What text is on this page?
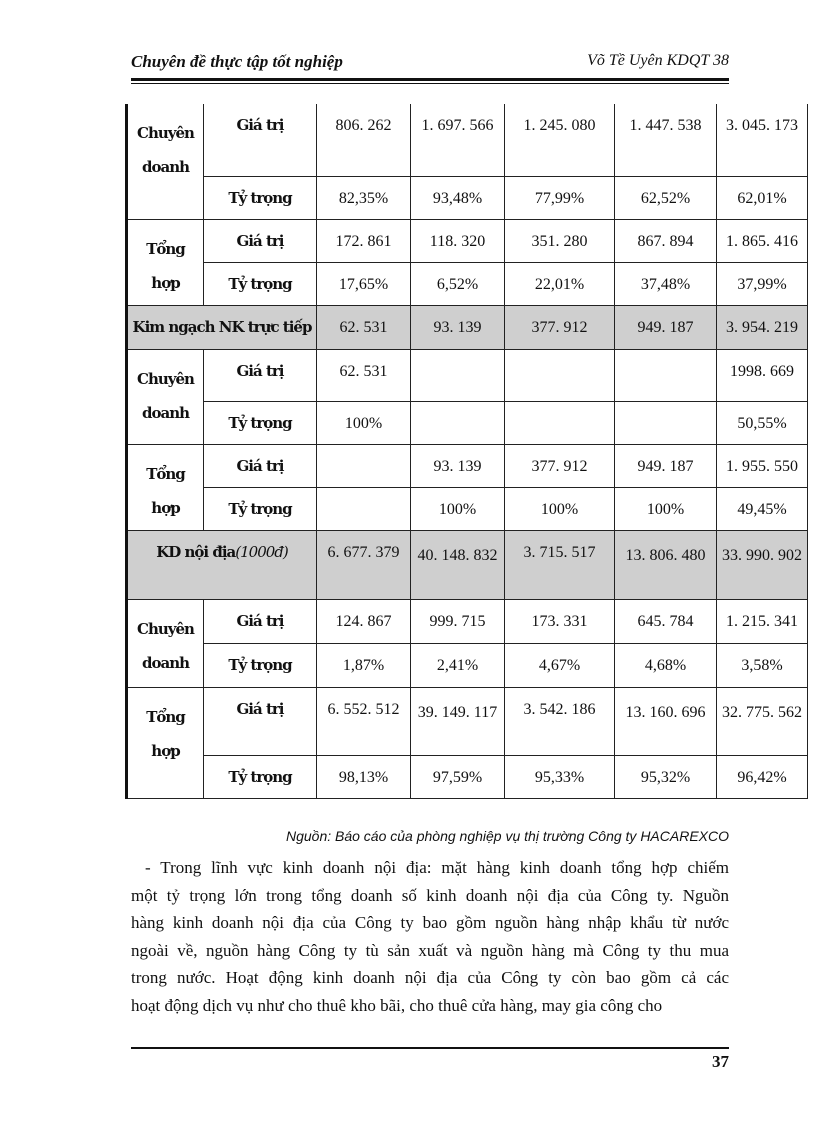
Chuyên đề thực tập tốt nghiệp	Võ Tề Uyên KDQT 38
Chuyên doanh	Giá trị	806. 262	1. 697. 566	1. 245. 080	1. 447. 538	3. 045. 173
	Tỷ trọng	82,35%	93,48%	77,99%	62,52%	62,01%
Tổng hợp	Giá trị	172. 861	118. 320	351. 280	867. 894	1. 865. 416
	Tỷ trọng	17,65%	6,52%	22,01%	37,48%	37,99%
Kim ngạch NK trực tiếp		62. 531	93. 139	377. 912	949. 187	3. 954. 219
Chuyên doanh	Giá trị	62. 531				1998. 669
	Tỷ trọng	100%				50,55%
Tổng hợp	Giá trị		93. 139	377. 912	949. 187	1. 955. 550
	Tỷ trọng		100%	100%	100%	49,45%
KD nội địa(1000đ)		6. 677. 379	40. 148. 832	3. 715. 517	13. 806. 480	33. 990. 902
Chuyên doanh	Giá trị	124. 867	999. 715	173. 331	645. 784	1. 215. 341
	Tỷ trọng	1,87%	2,41%	4,67%	4,68%	3,58%
Tổng hợp	Giá trị	6. 552. 512	39. 149. 117	3. 542. 186	13. 160. 696	32. 775. 562
	Tỷ trọng	98,13%	97,59%	95,33%	95,32%	96,42%
Nguồn: Báo cáo của phòng nghiệp vụ thị trường Công ty HACAREXCO
- Trong lĩnh vực kinh doanh nội địa: mặt hàng kinh doanh tổng hợp chiếm
một tỷ trọng lớn trong tổng doanh số kinh doanh nội địa của Công ty. Nguồn
hàng kinh doanh nội địa của Công ty bao gồm nguồn hàng nhập khẩu từ nước
ngoài về, nguồn hàng Công ty tù sản xuất và nguồn hàng mà Công ty thu mua
trong nước. Hoạt động kinh doanh nội địa của Công ty còn bao gồm cả các
hoạt động dịch vụ như cho thuê kho bãi, cho thuê cửa hàng, may gia công cho
37
